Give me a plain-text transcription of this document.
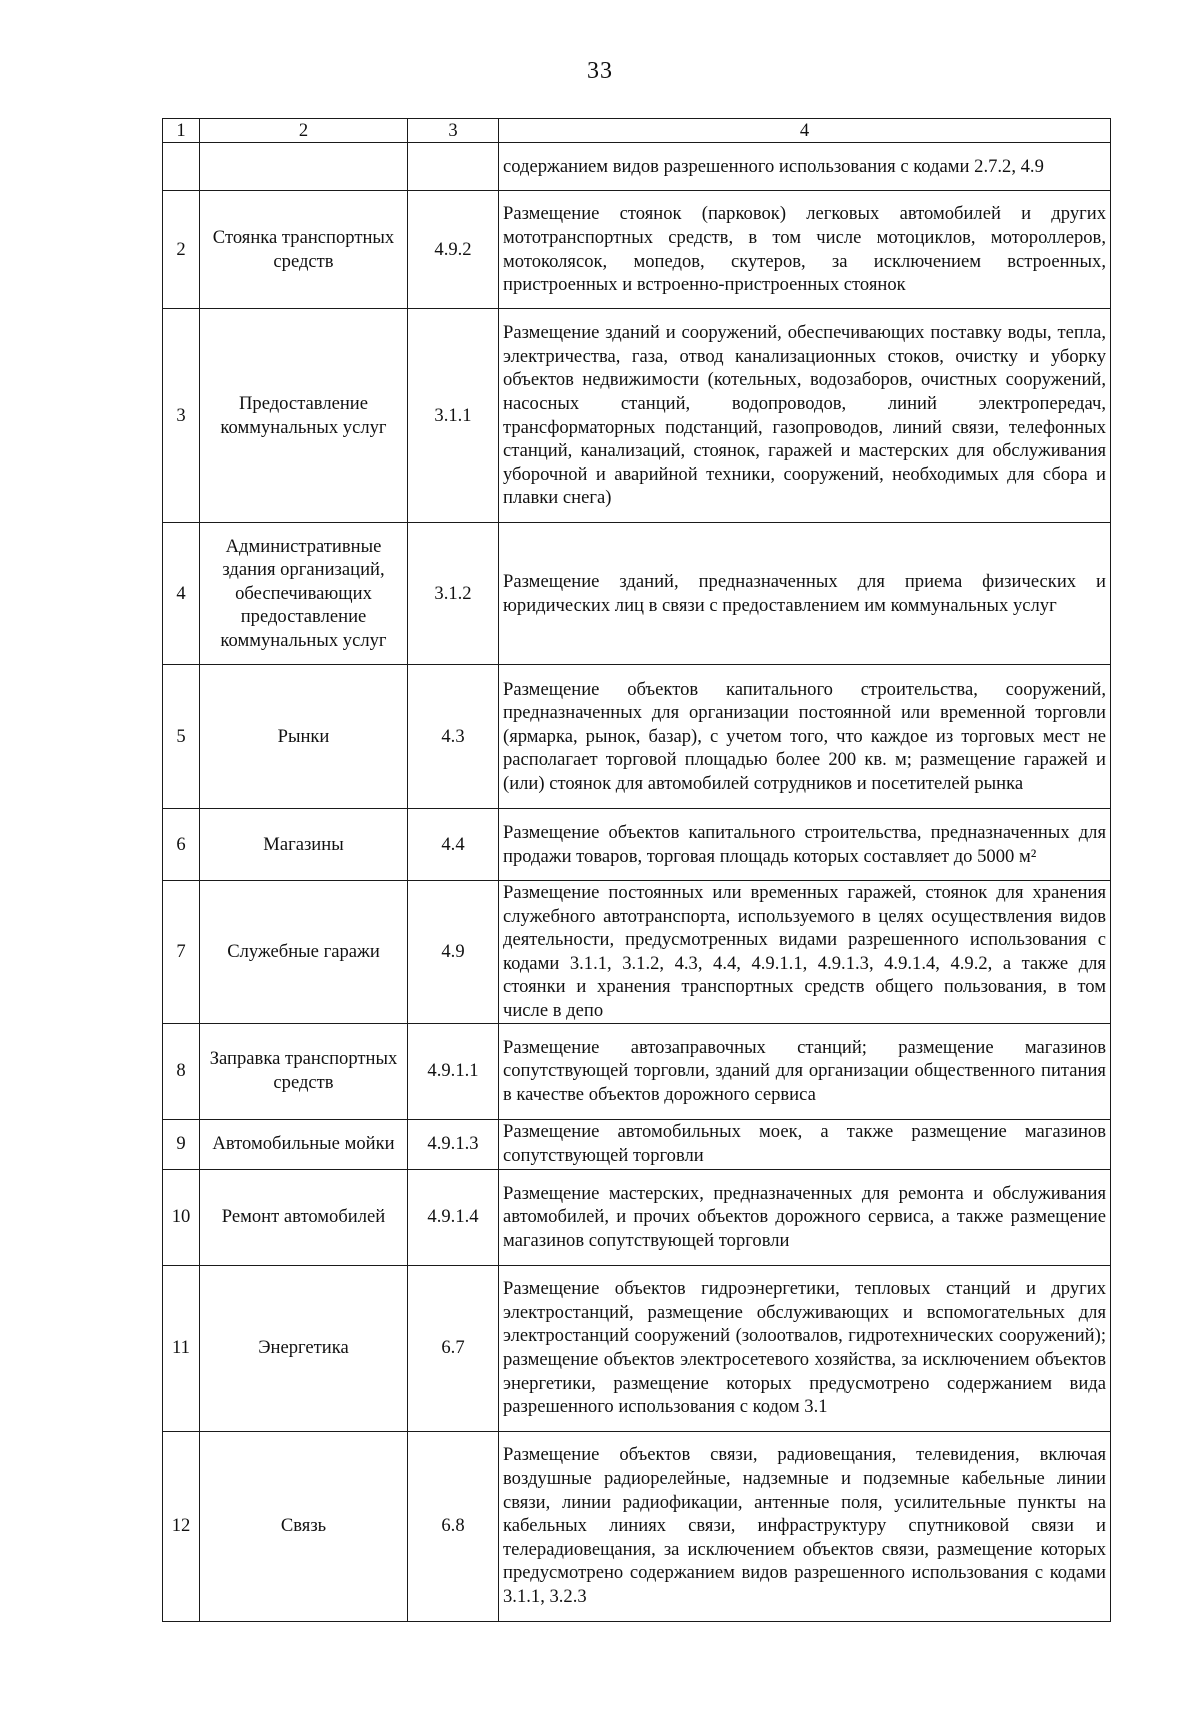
33
1	2	3	4
			содержанием видов разрешенного использования с кодами 2.7.2, 4.9
2	Стоянка транспортных средств	4.9.2	Размещение стоянок (парковок) легковых автомобилей и других мототранспортных средств, в том числе мотоциклов, мотороллеров, мотоколясок, мопедов, скутеров, за исключением встроенных, пристроенных и встроенно-пристроенных стоянок
3	Предоставление коммунальных услуг	3.1.1	Размещение зданий и сооружений, обеспечивающих поставку воды, тепла, электричества, газа, отвод канализационных стоков, очистку и уборку объектов недвижимости (котельных, водозаборов, очистных сооружений, насосных станций, водопроводов, линий электропередач, трансформаторных подстанций, газопроводов, линий связи, телефонных станций, канализаций, стоянок, гаражей и мастерских для обслуживания уборочной и аварийной техники, сооружений, необходимых для сбора и плавки снега)
4	Административные здания организаций, обеспечивающих предоставление коммунальных услуг	3.1.2	Размещение зданий, предназначенных для приема физических и юридических лиц в связи с предоставлением им коммунальных услуг
5	Рынки	4.3	Размещение объектов капитального строительства, сооружений, предназначенных для организации постоянной или временной торговли (ярмарка, рынок, базар), с учетом того, что каждое из торговых мест не располагает торговой площадью более 200 кв. м; размещение гаражей и (или) стоянок для автомобилей сотрудников и посетителей рынка
6	Магазины	4.4	Размещение объектов капитального строительства, предназначенных для продажи товаров, торговая площадь которых составляет до 5000 м²
7	Служебные гаражи	4.9	Размещение постоянных или временных гаражей, стоянок для хранения служебного автотранспорта, используемого в целях осуществления видов деятельности, предусмотренных видами разрешенного использования с кодами 3.1.1, 3.1.2, 4.3, 4.4, 4.9.1.1, 4.9.1.3, 4.9.1.4, 4.9.2, а также для стоянки и хранения транспортных средств общего пользования, в том числе в депо
8	Заправка транспортных средств	4.9.1.1	Размещение автозаправочных станций; размещение магазинов сопутствующей торговли, зданий для организации общественного питания в качестве объектов дорожного сервиса
9	Автомобильные мойки	4.9.1.3	Размещение автомобильных моек, а также размещение магазинов сопутствующей торговли
10	Ремонт автомобилей	4.9.1.4	Размещение мастерских, предназначенных для ремонта и обслуживания автомобилей, и прочих объектов дорожного сервиса, а также размещение магазинов сопутствующей торговли
11	Энергетика	6.7	Размещение объектов гидроэнергетики, тепловых станций и других электростанций, размещение обслуживающих и вспомогательных для электростанций сооружений (золоотвалов, гидротехнических сооружений); размещение объектов электросетевого хозяйства, за исключением объектов энергетики, размещение которых предусмотрено содержанием вида разрешенного использования с кодом 3.1
12	Связь	6.8	Размещение объектов связи, радиовещания, телевидения, включая воздушные радиорелейные, надземные и подземные кабельные линии связи, линии радиофикации, антенные поля, усилительные пункты на кабельных линиях связи, инфраструктуру спутниковой связи и телерадиовещания, за исключением объектов связи, размещение которых предусмотрено содержанием видов разрешенного использования с кодами 3.1.1, 3.2.3
